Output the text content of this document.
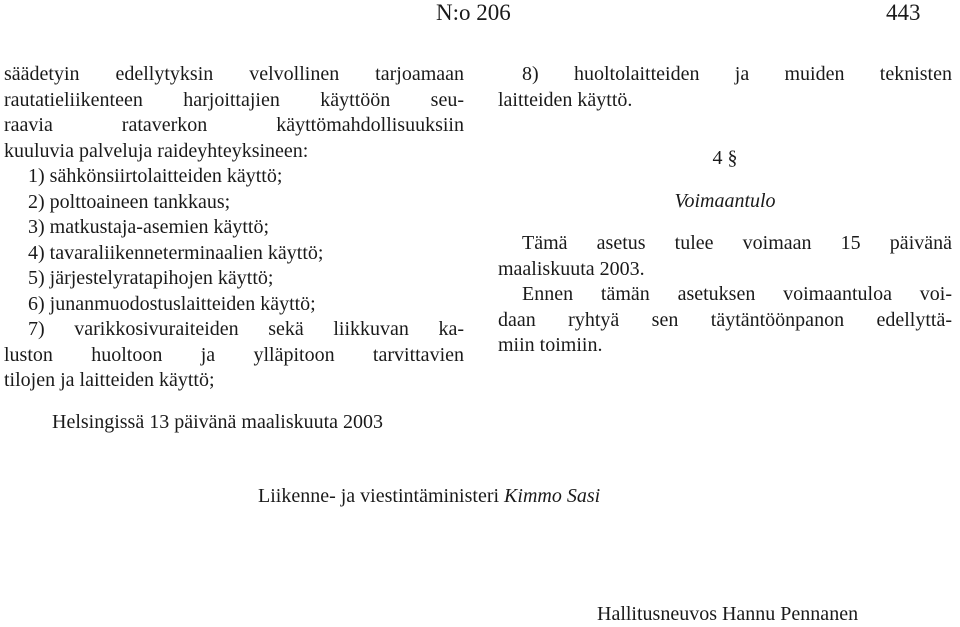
N:o 206	443

säädetyin edellytyksin velvollinen tarjoamaan

rautatieliikenteen harjoittajien käyttöön seu-

raavia rataverkon käyttömahdollisuuksiin

kuuluvia palveluja raideyhteyksineen:

1) sähkönsiirtolaitteiden käyttö;

2) polttoaineen tankkaus;

3) matkustaja-asemien käyttö;

4) tavaraliikenneterminaalien käyttö;

5) järjestelyratapihojen käyttö;

6) junanmuodostuslaitteiden käyttö;

7) varikkosivuraiteiden sekä liikkuvan ka-

luston huoltoon ja ylläpitoon tarvittavien

tilojen ja laitteiden käyttö;

8) huoltolaitteiden ja muiden teknisten

laitteiden käyttö.

4 §

Voimaantulo

Tämä asetus tulee voimaan 15 päivänä

maaliskuuta 2003.

Ennen tämän asetuksen voimaantuloa voi-

daan ryhtyä sen täytäntöönpanon edellyttä-

miin toimiin.

Helsingissä 13 päivänä maaliskuuta 2003
Liikenne- ja viestintäministeri Kimmo Sasi
Hallitusneuvos Hannu Pennanen
